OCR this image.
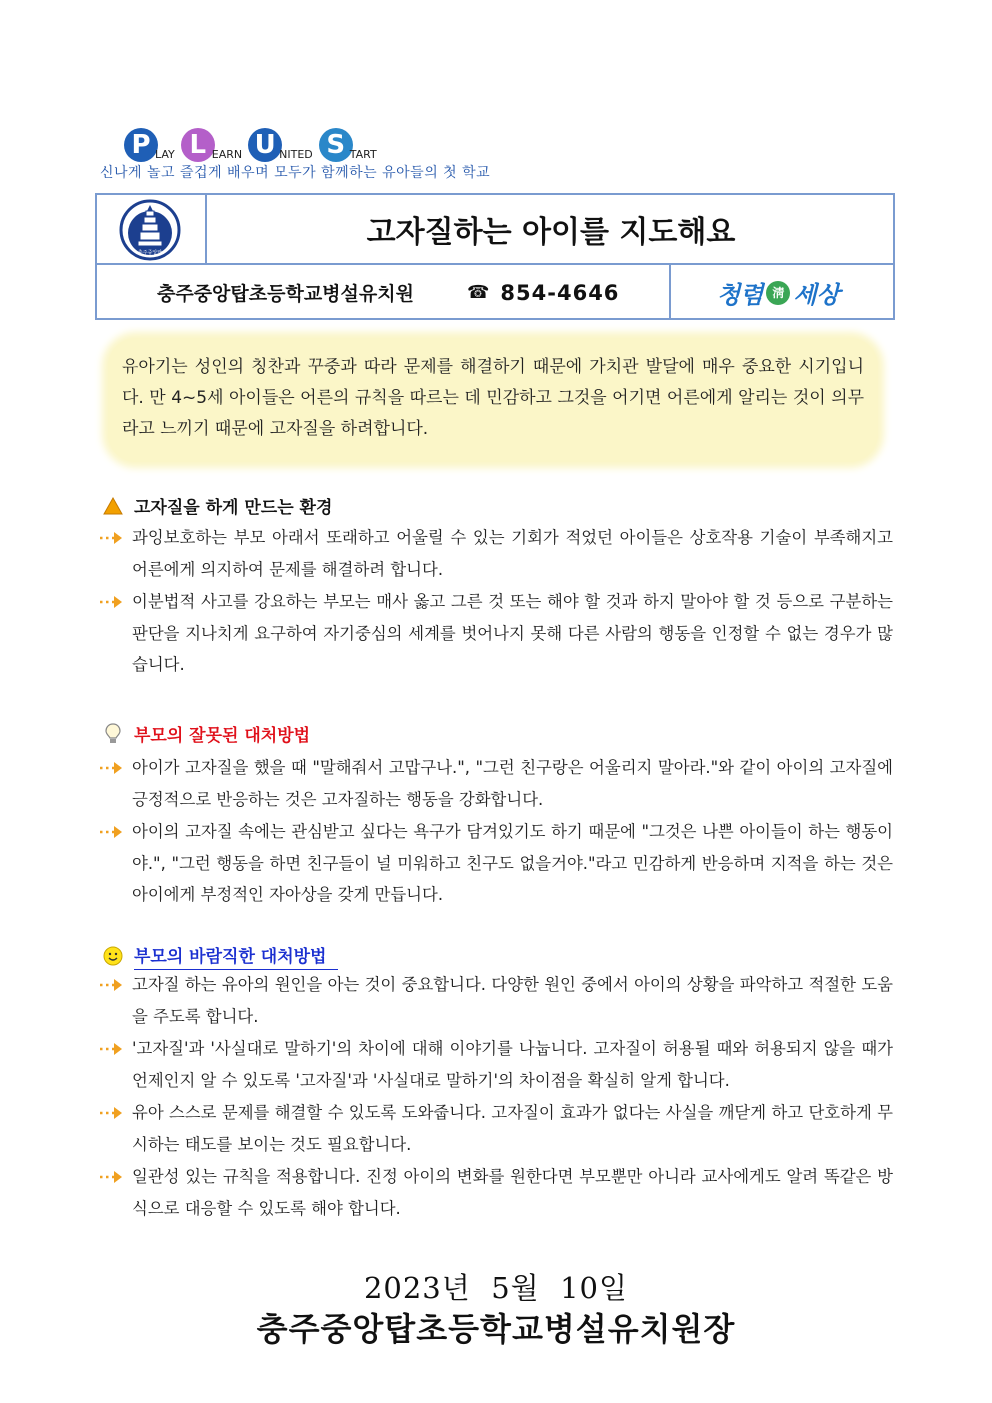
P LAY L EARN U NITED S TART
신나게 놀고 즐겁게 배우며 모두가 함께하는 유아들의 첫 학교
충주중앙탑
고자질하는 아이를 지도해요
충주중앙탑초등학교병설유치원	☎ 854-4646	청렴 淸 세상

유아기는 성인의 칭찬과 꾸중과 따라 문제를 해결하기 때문에 가치관 발달에 매우 중요한 시기입니다. 만 4~5세 아이들은 어른의 규칙을 따르는 데 민감하고 그것을 어기면 어른에게 알리는 것이 의무라고 느끼기 때문에 고자질을 하려합니다.

고자질을 하게 만드는 환경
과잉보호하는 부모 아래서 또래하고 어울릴 수 있는 기회가 적었던 아이들은 상호작용 기술이 부족해지고 어른에게 의지하여 문제를 해결하려 합니다.
이분법적 사고를 강요하는 부모는 매사 옳고 그른 것 또는 해야 할 것과 하지 말아야 할 것 등으로 구분하는 판단을 지나치게 요구하여 자기중심의 세계를 벗어나지 못해 다른 사람의 행동을 인정할 수 없는 경우가 많습니다.
부모의 잘못된 대처방법
아이가 고자질을 했을 때 "말해줘서 고맙구나.", "그런 친구랑은 어울리지 말아라."와 같이 아이의 고자질에 긍정적으로 반응하는 것은 고자질하는 행동을 강화합니다.
아이의 고자질 속에는 관심받고 싶다는 욕구가 담겨있기도 하기 때문에 "그것은 나쁜 아이들이 하는 행동이야.", "그런 행동을 하면 친구들이 널 미워하고 친구도 없을거야."라고 민감하게 반응하며 지적을 하는 것은 아이에게 부정적인 자아상을 갖게 만듭니다.
부모의 바람직한 대처방법
고자질 하는 유아의 원인을 아는 것이 중요합니다. 다양한 원인 중에서 아이의 상황을 파악하고 적절한 도움을 주도록 합니다.
'고자질'과 '사실대로 말하기'의 차이에 대해 이야기를 나눕니다. 고자질이 허용될 때와 허용되지 않을 때가 언제인지 알 수 있도록 '고자질'과 '사실대로 말하기'의 차이점을 확실히 알게 합니다.
유아 스스로 문제를 해결할 수 있도록 도와줍니다. 고자질이 효과가 없다는 사실을 깨닫게 하고 단호하게 무시하는 태도를 보이는 것도 필요합니다.
일관성 있는 규칙을 적용합니다. 진정 아이의 변화를 원한다면 부모뿐만 아니라 교사에게도 알려 똑같은 방식으로 대응할 수 있도록 해야 합니다.
2023년  5월  10일
충주중앙탑초등학교병설유치원장
